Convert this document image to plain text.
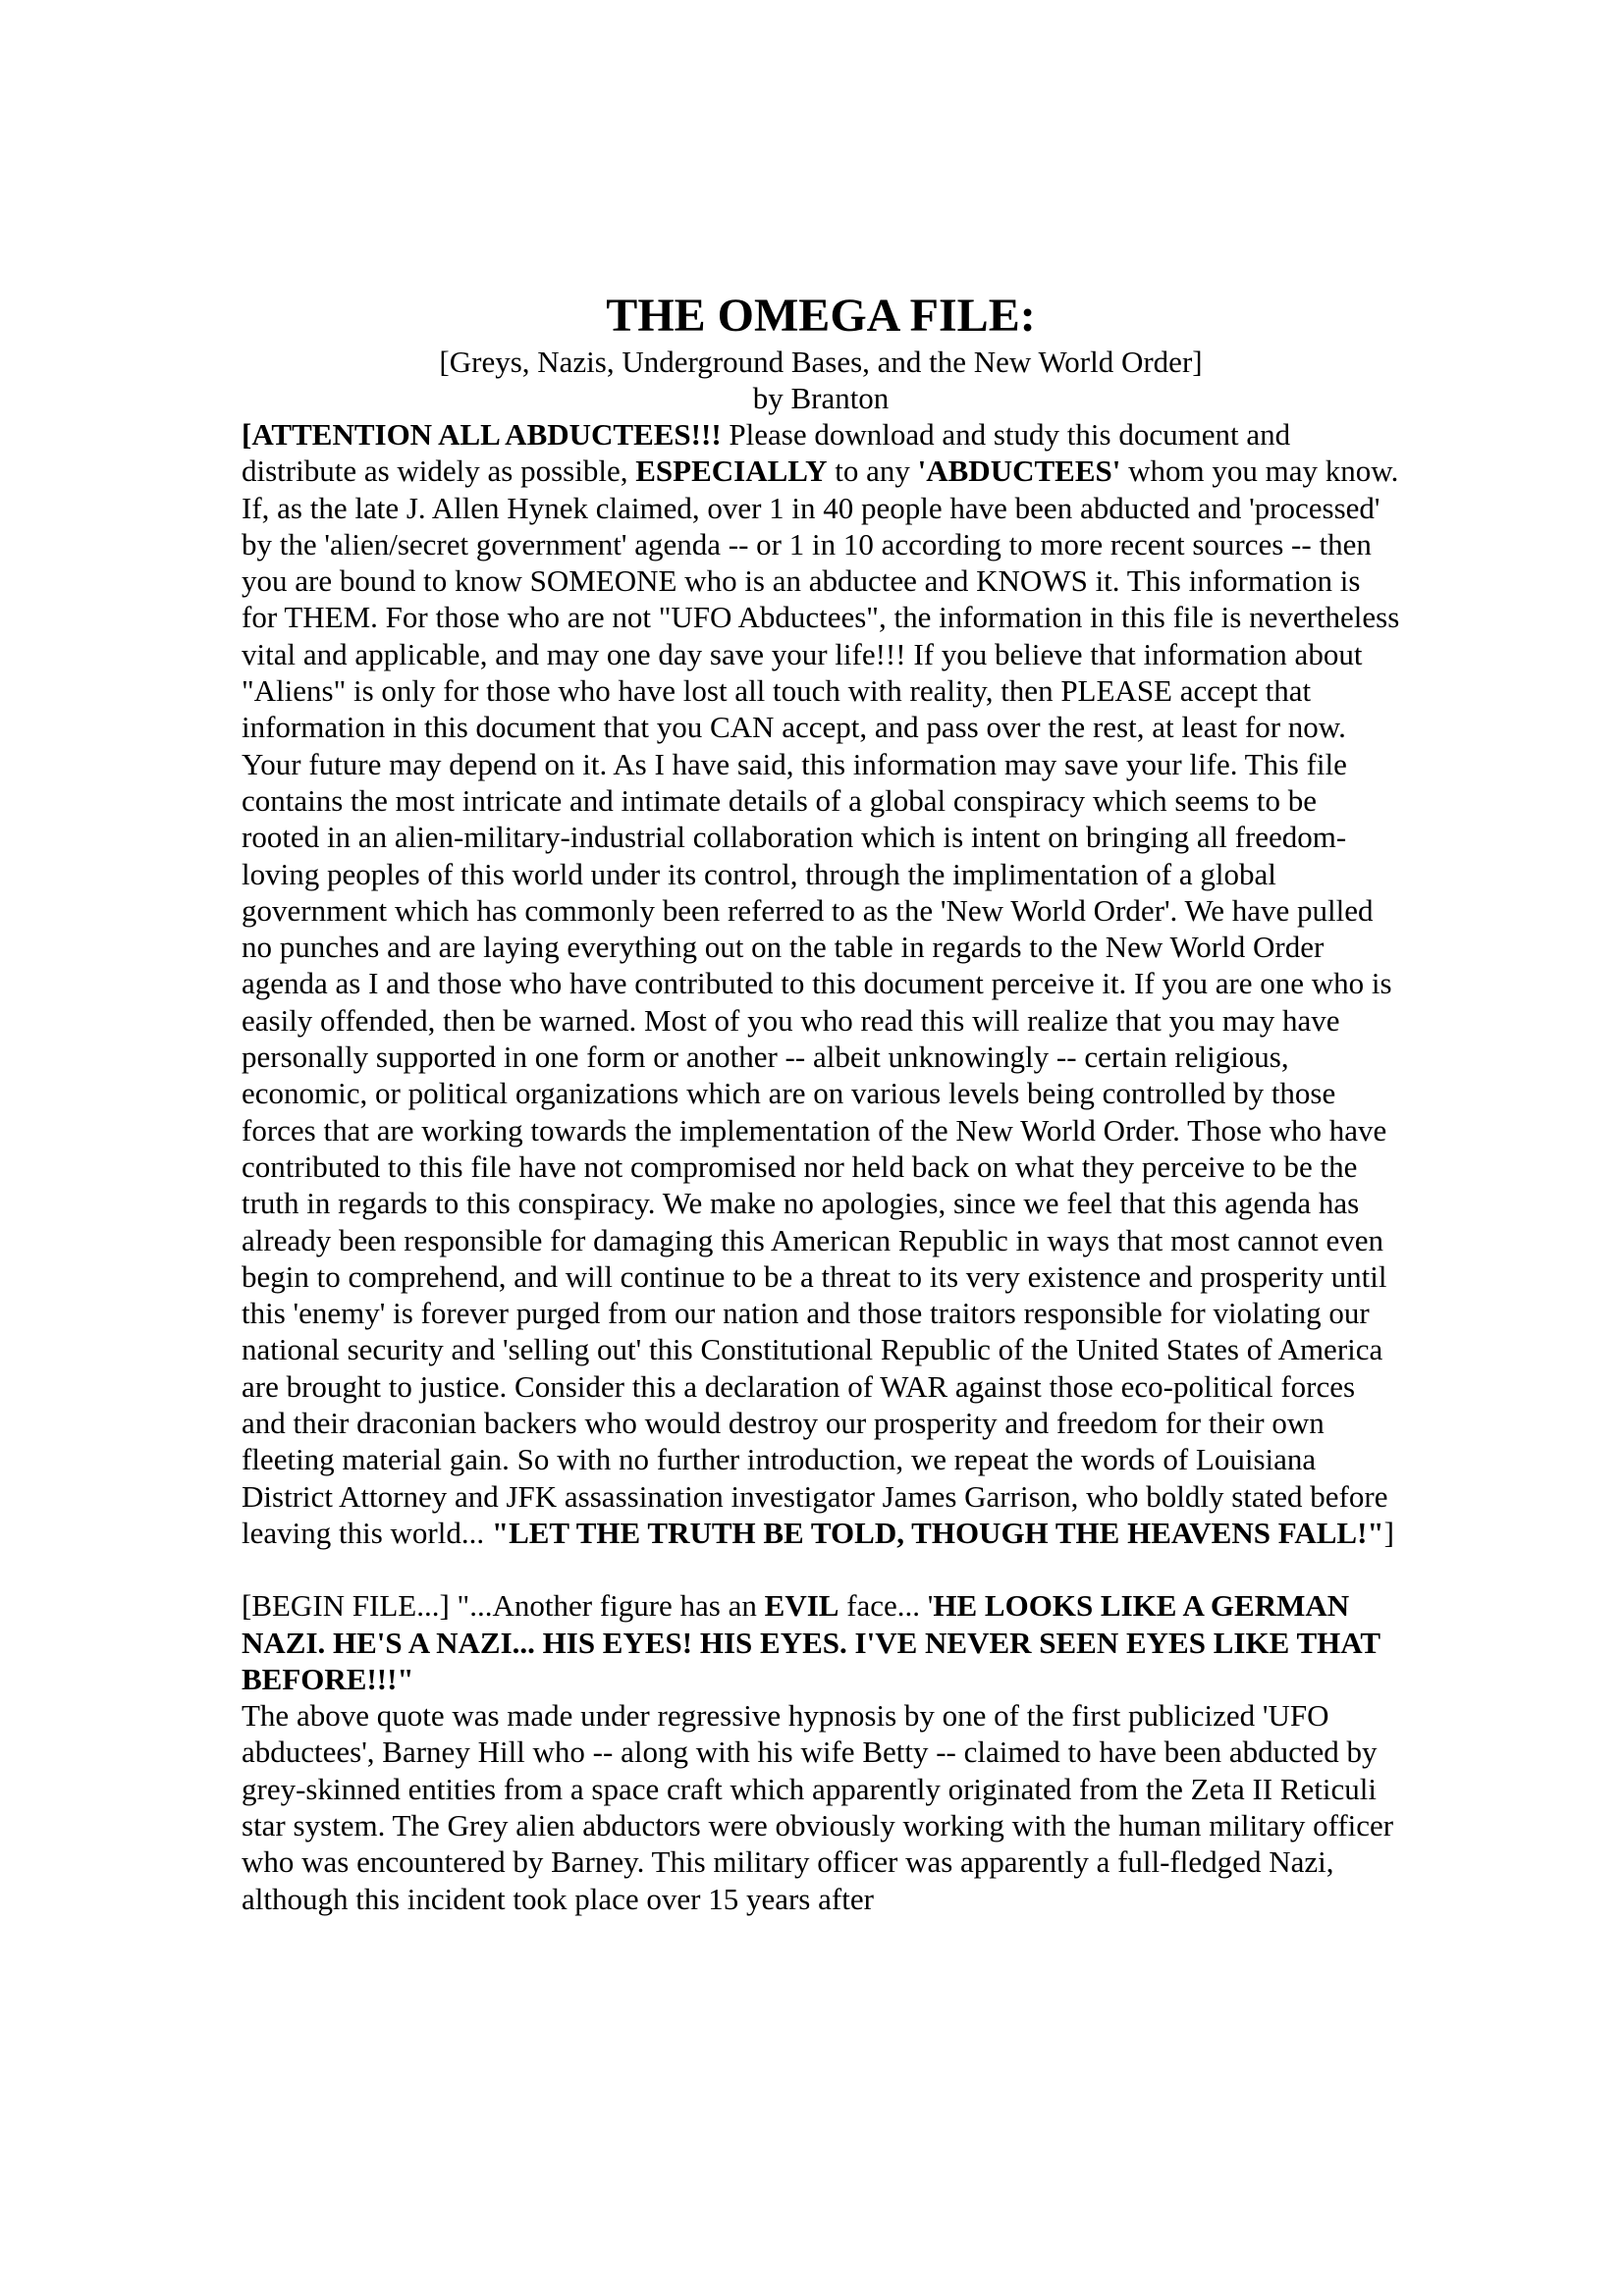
THE OMEGA FILE:

[Greys, Nazis, Underground Bases, and the New World Order]

by Branton

[ATTENTION ALL ABDUCTEES!!! Please download and study this document and distribute as widely as possible, ESPECIALLY to any 'ABDUCTEES' whom you may know. If, as the late J. Allen Hynek claimed, over 1 in 40 people have been abducted and 'processed' by the 'alien/secret government' agenda -- or 1 in 10 according to more recent sources -- then you are bound to know SOMEONE who is an abductee and KNOWS it. This information is for THEM. For those who are not "UFO Abductees", the information in this file is nevertheless vital and applicable, and may one day save your life!!! If you believe that information about "Aliens" is only for those who have lost all touch with reality, then PLEASE accept that information in this document that you CAN accept, and pass over the rest, at least for now. Your future may depend on it. As I have said, this information may save your life. This file contains the most intricate and intimate details of a global conspiracy which seems to be rooted in an alien-military-industrial collaboration which is intent on bringing all freedom-loving peoples of this world under its control, through the implimentation of a global government which has commonly been referred to as the 'New World Order'. We have pulled no punches and are laying everything out on the table in regards to the New World Order agenda as I and those who have contributed to this document perceive it. If you are one who is easily offended, then be warned. Most of you who read this will realize that you may have personally supported in one form or another -- albeit unknowingly -- certain religious, economic, or political organizations which are on various levels being controlled by those forces that are working towards the implementation of the New World Order. Those who have contributed to this file have not compromised nor held back on what they perceive to be the truth in regards to this conspiracy. We make no apologies, since we feel that this agenda has already been responsible for damaging this American Republic in ways that most cannot even begin to comprehend, and will continue to be a threat to its very existence and prosperity until this 'enemy' is forever purged from our nation and those traitors responsible for violating our national security and 'selling out' this Constitutional Republic of the United States of America are brought to justice. Consider this a declaration of WAR against those eco-political forces and their draconian backers who would destroy our prosperity and freedom for their own fleeting material gain. So with no further introduction, we repeat the words of Louisiana District Attorney and JFK assassination investigator James Garrison, who boldly stated before leaving this world... "LET THE TRUTH BE TOLD, THOUGH THE HEAVENS FALL!"]

[BEGIN FILE...] "...Another figure has an EVIL face... 'HE LOOKS LIKE A GERMAN NAZI. HE'S A NAZI... HIS EYES! HIS EYES. I'VE NEVER SEEN EYES LIKE THAT BEFORE!!!"

The above quote was made under regressive hypnosis by one of the first publicized 'UFO abductees', Barney Hill who -- along with his wife Betty -- claimed to have been abducted by grey-skinned entities from a space craft which apparently originated from the Zeta II Reticuli star system. The Grey alien abductors were obviously working with the human military officer who was encountered by Barney. This military officer was apparently a full-fledged Nazi, although this incident took place over 15 years after
